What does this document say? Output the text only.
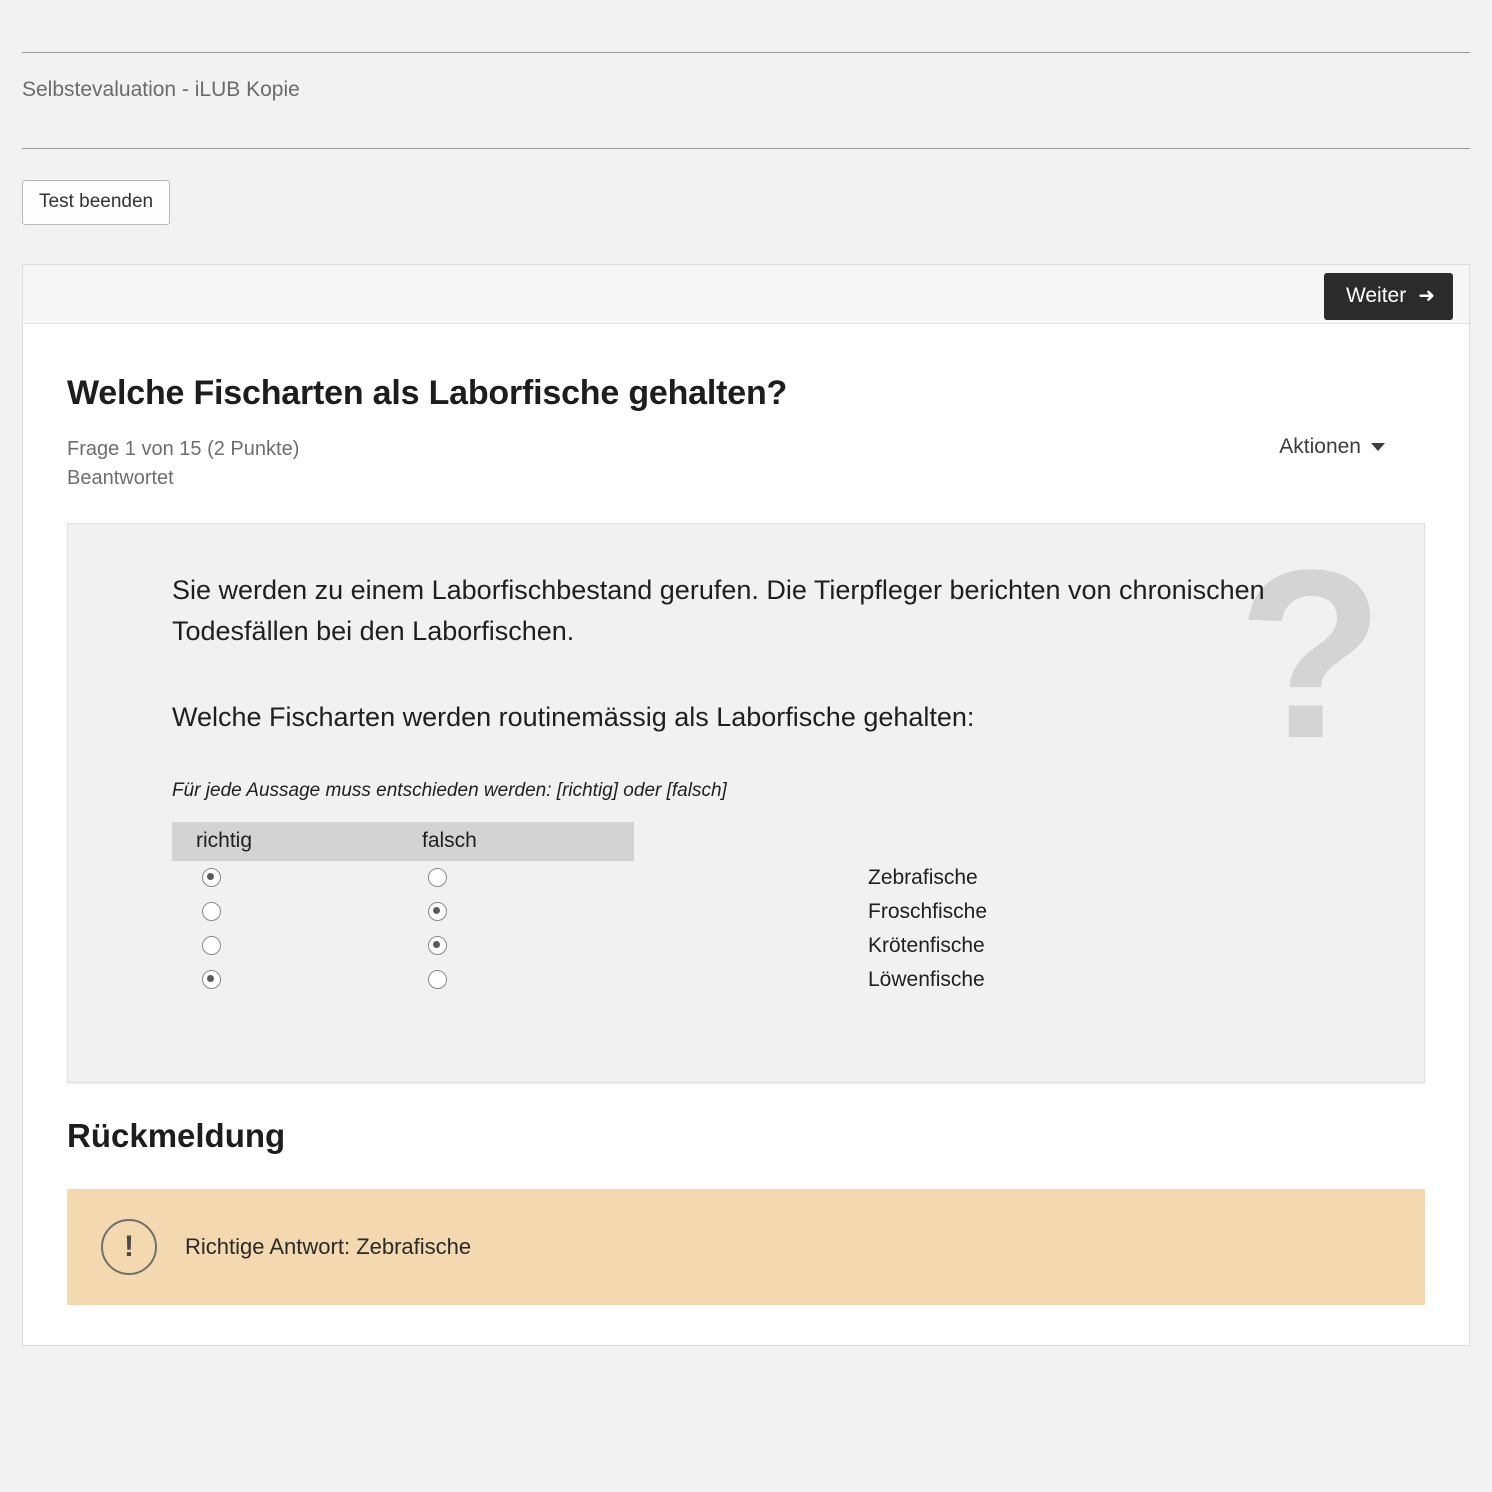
Selbstevaluation - iLUB Kopie
Test beenden
Weiter ➜
Welche Fischarten als Laborfische gehalten?
Frage 1 von 15 (2 Punkte)
Beantwortet
Aktionen
?
Sie werden zu einem Laborfischbestand gerufen. Die Tierpfleger berichten von chronischen Todesfällen bei den Laborfischen.
Welche Fischarten werden routinemässig als Laborfische gehalten:
Für jede Aussage muss entschieden werden: [richtig] oder [falsch]
richtig	falsch	
		Zebrafische
		Froschfische
		Krötenfische
		Löwenfische
Rückmeldung
!	Richtige Antwort: Zebrafische
